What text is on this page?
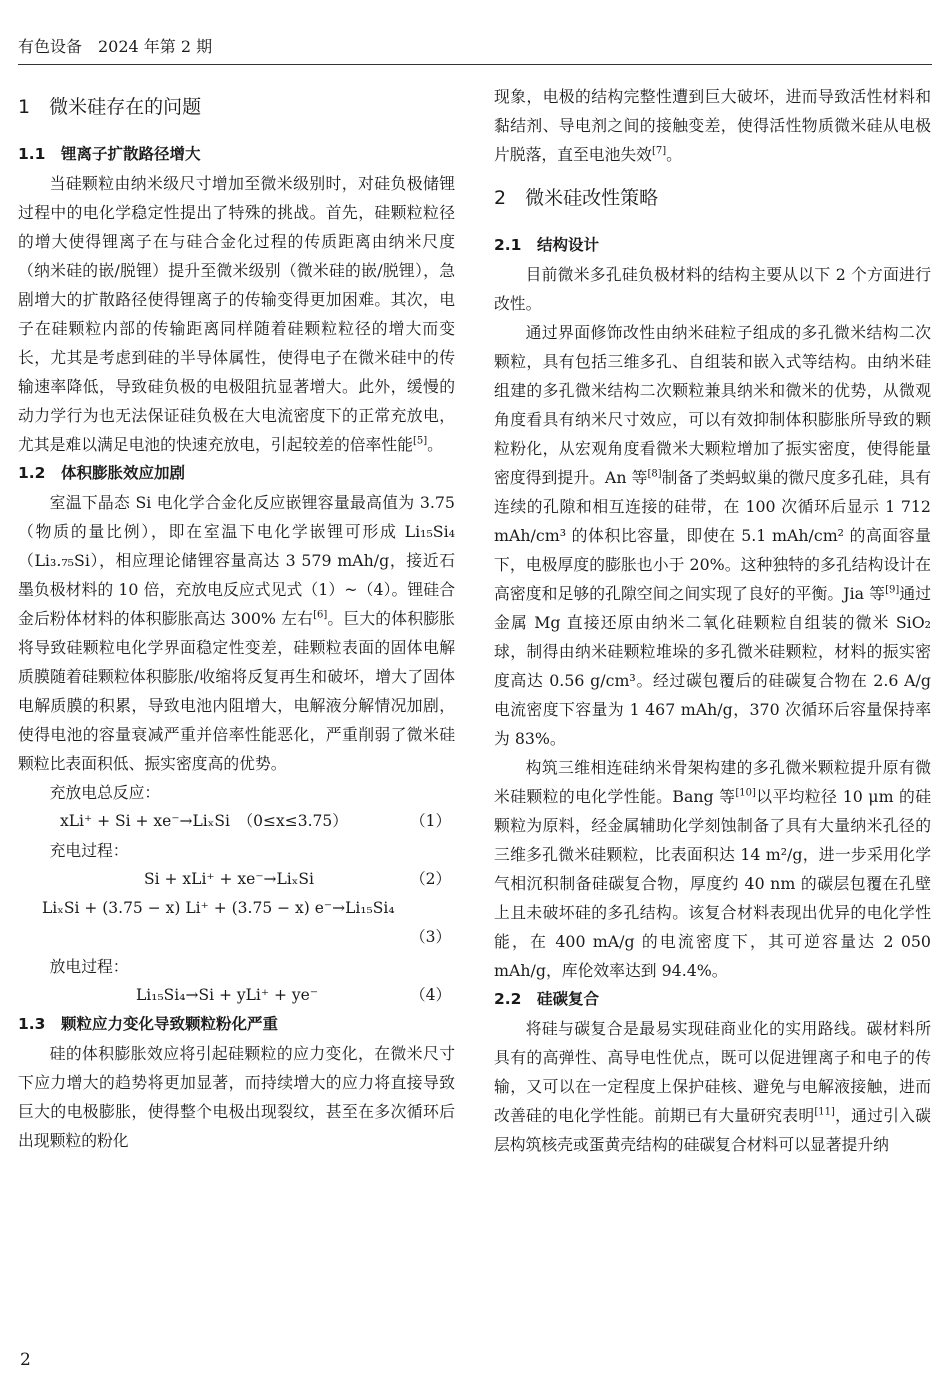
有色设备　2024 年第 2 期
1　微米硅存在的问题
1.1　锂离子扩散路径增大

当硅颗粒由纳米级尺寸增加至微米级别时，对硅负极储锂过程中的电化学稳定性提出了特殊的挑战。首先，硅颗粒粒径的增大使得锂离子在与硅合金化过程的传质距离由纳米尺度（纳米硅的嵌/脱锂）提升至微米级别（微米硅的嵌/脱锂），急剧增大的扩散路径使得锂离子的传输变得更加困难。其次，电子在硅颗粒内部的传输距离同样随着硅颗粒粒径的增大而变长，尤其是考虑到硅的半导体属性，使得电子在微米硅中的传输速率降低，导致硅负极的电极阻抗显著增大。此外，缓慢的动力学行为也无法保证硅负极在大电流密度下的正常充放电，尤其是难以满足电池的快速充放电，引起较差的倍率性能[5]。

1.2　体积膨胀效应加剧

室温下晶态 Si 电化学合金化反应嵌锂容量最高值为 3.75（物质的量比例），即在室温下电化学嵌锂可形成 Li₁₅Si₄（Li₃.₇₅Si），相应理论储锂容量高达 3 579 mAh/g，接近石墨负极材料的 10 倍，充放电反应式见式（1）~（4）。锂硅合金后粉体材料的体积膨胀高达 300% 左右[6]。巨大的体积膨胀将导致硅颗粒电化学界面稳定性变差，硅颗粒表面的固体电解质膜随着硅颗粒体积膨胀/收缩将反复再生和破坏，增大了固体电解质膜的积累，导致电池内阻增大，电解液分解情况加剧，使得电池的容量衰减严重并倍率性能恶化，严重削弱了微米硅颗粒比表面积低、振实密度高的优势。

充放电总反应：
xLi⁺ + Si + xe⁻→LiₓSi　（0≤x≤3.75）	（1）
充电过程：
Si + xLi⁺ + xe⁻→LiₓSi	（2）
LiₓSi + (3.75 − x) Li⁺ + (3.75 − x) e⁻→Li₁₅Si₄
（3）
放电过程：
Li₁₅Si₄→Si + yLi⁺ + ye⁻	（4）
1.3　颗粒应力变化导致颗粒粉化严重

硅的体积膨胀效应将引起硅颗粒的应力变化，在微米尺寸下应力增大的趋势将更加显著，而持续增大的应力将直接导致巨大的电极膨胀，使得整个电极出现裂纹，甚至在多次循环后出现颗粒的粉化

现象，电极的结构完整性遭到巨大破坏，进而导致活性材料和黏结剂、导电剂之间的接触变差，使得活性物质微米硅从电极片脱落，直至电池失效[7]。

2　微米硅改性策略
2.1　结构设计

目前微米多孔硅负极材料的结构主要从以下 2 个方面进行改性。

通过界面修饰改性由纳米硅粒子组成的多孔微米结构二次颗粒，具有包括三维多孔、自组装和嵌入式等结构。由纳米硅组建的多孔微米结构二次颗粒兼具纳米和微米的优势，从微观角度看具有纳米尺寸效应，可以有效抑制体积膨胀所导致的颗粒粉化，从宏观角度看微米大颗粒增加了振实密度，使得能量密度得到提升。An 等[8]制备了类蚂蚁巢的微尺度多孔硅，具有连续的孔隙和相互连接的硅带，在 100 次循环后显示 1 712 mAh/cm³ 的体积比容量，即使在 5.1 mAh/cm² 的高面容量下，电极厚度的膨胀也小于 20%。这种独特的多孔结构设计在高密度和足够的孔隙空间之间实现了良好的平衡。Jia 等[9]通过金属 Mg 直接还原由纳米二氧化硅颗粒自组装的微米 SiO₂ 球，制得由纳米硅颗粒堆垛的多孔微米硅颗粒，材料的振实密度高达 0.56 g/cm³。经过碳包覆后的硅碳复合物在 2.6 A/g 电流密度下容量为 1 467 mAh/g，370 次循环后容量保持率为 83%。

构筑三维相连硅纳米骨架构建的多孔微米颗粒提升原有微米硅颗粒的电化学性能。Bang 等[10]以平均粒径 10 μm 的硅颗粒为原料，经金属辅助化学刻蚀制备了具有大量纳米孔径的三维多孔微米硅颗粒，比表面积达 14 m²/g，进一步采用化学气相沉积制备硅碳复合物，厚度约 40 nm 的碳层包覆在孔壁上且未破坏硅的多孔结构。该复合材料表现出优异的电化学性能，在 400 mA/g 的电流密度下，其可逆容量达 2 050 mAh/g，库伦效率达到 94.4%。

2.2　硅碳复合

将硅与碳复合是最易实现硅商业化的实用路线。碳材料所具有的高弹性、高导电性优点，既可以促进锂离子和电子的传输，又可以在一定程度上保护硅核、避免与电解液接触，进而改善硅的电化学性能。前期已有大量研究表明[11]，通过引入碳层构筑核壳或蛋黄壳结构的硅碳复合材料可以显著提升纳

2
